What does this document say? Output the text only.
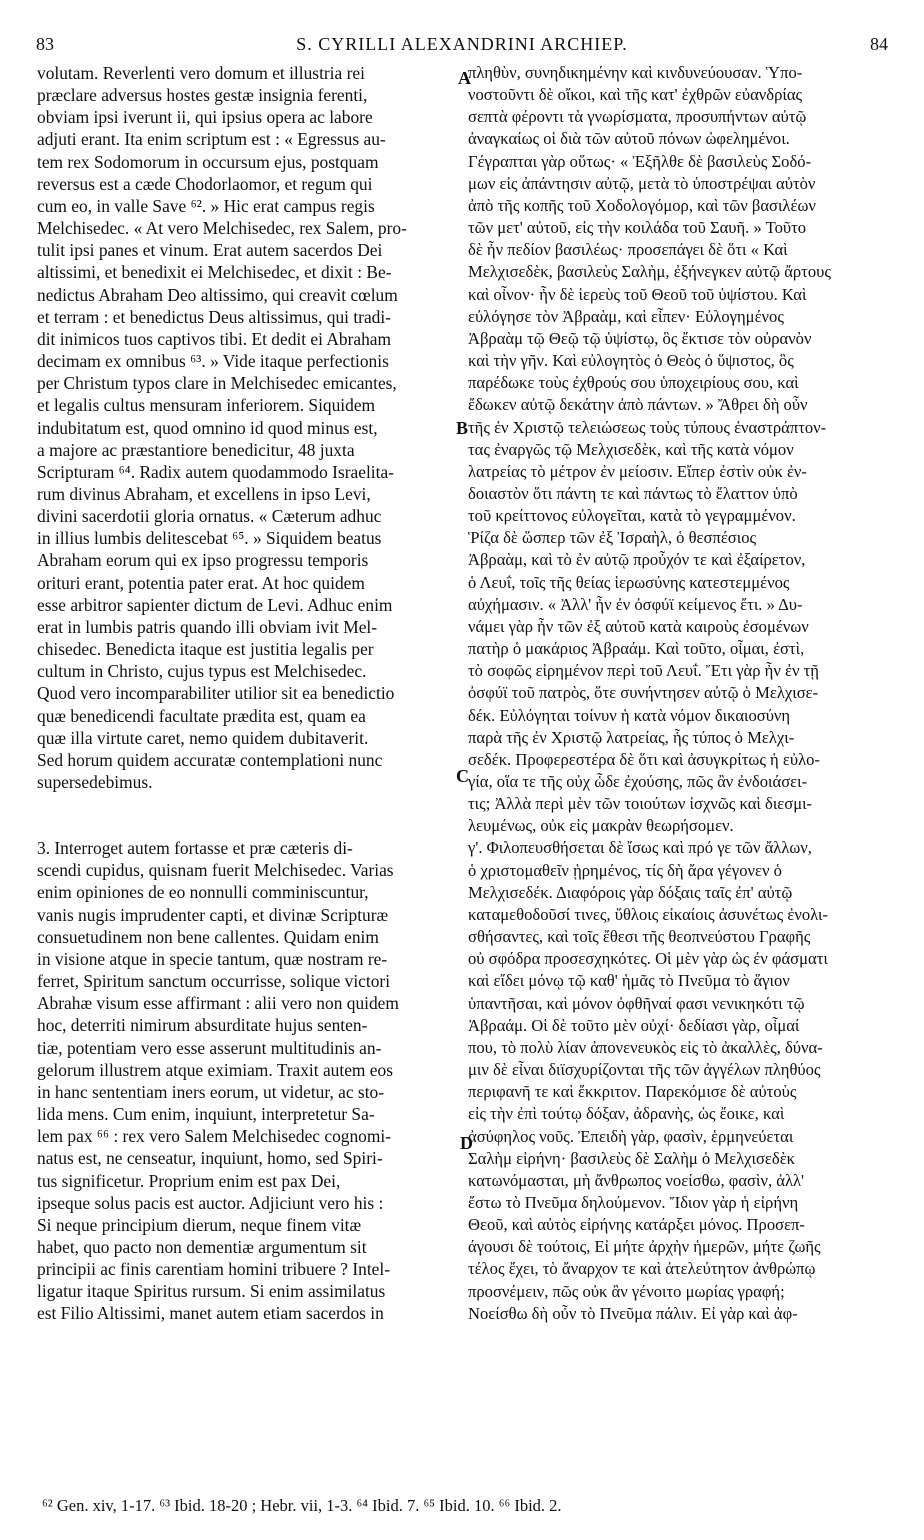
83	S. CYRILLI ALEXANDRINI ARCHIEP.	84
volutam. Reverlenti vero domum et illustria rei
præclare adversus hostes gestæ insignia ferenti,
obviam ipsi iverunt ii, qui ipsius opera ac labore
adjuti erant. Ita enim scriptum est : « Egressus au-
tem rex Sodomorum in occursum ejus, postquam
reversus est a cæde Chodorlaomor, et regum qui
cum eo, in valle Save ⁶². » Hic erat campus regis
Melchisedec. « At vero Melchisedec, rex Salem, pro-
tulit ipsi panes et vinum. Erat autem sacerdos Dei
altissimi, et benedixit ei Melchisedec, et dixit : Be-
nedictus Abraham Deo altissimo, qui creavit cœlum
et terram : et benedictus Deus altissimus, qui tradi-
dit inimicos tuos captivos tibi. Et dedit ei Abraham
decimam ex omnibus ⁶³. » Vide itaque perfectionis
per Christum typos clare in Melchisedec emicantes,
et legalis cultus mensuram inferiorem. Siquidem
indubitatum est, quod omnino id quod minus est,
a majore ac præstantiore benedicitur, 48 juxta
Scripturam ⁶⁴. Radix autem quodammodo Israelita-
rum divinus Abraham, et excellens in ipso Levi,
divini sacerdotii gloria ornatus. « Cæterum adhuc
in illius lumbis delitescebat ⁶⁵. » Siquidem beatus
Abraham eorum qui ex ipso progressu temporis
orituri erant, potentia pater erat. At hoc quidem
esse arbitror sapienter dictum de Levi. Adhuc enim
erat in lumbis patris quando illi obviam ivit Mel-
chisedec. Benedicta itaque est justitia legalis per
cultum in Christo, cujus typus est Melchisedec.
Quod vero incomparabiliter utilior sit ea benedictio
quæ benedicendi facultate prædita est, quam ea
quæ illa virtute caret, nemo quidem dubitaverit.
Sed horum quidem accuratæ contemplationi nunc
supersedebimus.
3. Interroget autem fortasse et præ cæteris di-
scendi cupidus, quisnam fuerit Melchisedec. Varias
enim opiniones de eo nonnulli comminiscuntur,
vanis nugis imprudenter capti, et divinæ Scripturæ
consuetudinem non bene callentes. Quidam enim
in visione atque in specie tantum, quæ nostram re-
ferret, Spiritum sanctum occurrisse, solique victori
Abrahæ visum esse affirmant : alii vero non quidem
hoc, deterriti nimirum absurditate hujus senten-
tiæ, potentiam vero esse asserunt multitudinis an-
gelorum illustrem atque eximiam. Traxit autem eos
in hanc sententiam iners eorum, ut videtur, ac sto-
lida mens. Cum enim, inquiunt, interpretetur Sa-
lem pax ⁶⁶ : rex vero Salem Melchisedec cognomi-
natus est, ne censeatur, inquiunt, homo, sed Spiri-
tus significetur. Proprium enim est pax Dei,
ipseque solus pacis est auctor. Adjiciunt vero his :
Si neque principium dierum, neque finem vitæ
habet, quo pacto non dementiæ argumentum sit
principii ac finis carentiam homini tribuere ? Intel-
ligatur itaque Spiritus rursum. Si enim assimilatus
est Filio Altissimi, manet autem etiam sacerdos in
πληθὺν, συνηδικημένην καὶ κινδυνεύουσαν. Ὑπο-
νοστοῦντι δὲ οἴκοι, καὶ τῆς κατ' ἐχθρῶν εὐανδρίας
σεπτὰ φέροντι τὰ γνωρίσματα, προσυπήντων αὐτῷ
ἀναγκαίως οἱ διὰ τῶν αὐτοῦ πόνων ὠφελημένοι.
Γέγραπται γὰρ οὕτως· « Ἐξῆλθε δὲ βασιλεὺς Σοδό-
μων εἰς ἀπάντησιν αὐτῷ, μετὰ τὸ ὑποστρέψαι αὐτὸν
ἀπὸ τῆς κοπῆς τοῦ Χοδολογόμορ, καὶ τῶν βασιλέων
τῶν μετ' αὐτοῦ, εἰς τὴν κοιλάδα τοῦ Σαυῆ. » Τοῦτο
δὲ ἦν πεδίον βασιλέως· προσεπάγει δὲ ὅτι « Καὶ
Μελχισεδὲκ, βασιλεὺς Σαλὴμ, ἐξήνεγκεν αὐτῷ ἄρτους
καὶ οἶνον· ἦν δὲ ἱερεὺς τοῦ Θεοῦ τοῦ ὑψίστου. Καὶ
εὐλόγησε τὸν Ἀβραὰμ, καὶ εἶπεν· Εὐλογημένος
Ἀβραὰμ τῷ Θεῷ τῷ ὑψίστῳ, ὃς ἔκτισε τὸν οὐρανὸν
καὶ τὴν γῆν. Καὶ εὐλογητὸς ὁ Θεὸς ὁ ὕψιστος, ὃς
παρέδωκε τοὺς ἐχθρούς σου ὑποχειρίους σου, καὶ
ἔδωκεν αὐτῷ δεκάτην ἀπὸ πάντων. » Ἄθρει δὴ οὖν
τῆς ἐν Χριστῷ τελειώσεως τοὺς τύπους ἐναστράπτον-
τας ἐναργῶς τῷ Μελχισεδὲκ, καὶ τῆς κατὰ νόμον
λατρείας τὸ μέτρον ἐν μείοσιν. Εἴπερ ἐστὶν οὐκ ἐν-
δοιαστὸν ὅτι πάντη τε καὶ πάντως τὸ ἔλαττον ὑπὸ
τοῦ κρείττονος εὐλογεῖται, κατὰ τὸ γεγραμμένον.
Ῥίζα δὲ ὥσπερ τῶν ἐξ Ἰσραὴλ, ὁ θεσπέσιος
Ἀβραὰμ, καὶ τὸ ἐν αὐτῷ προὖχόν τε καὶ ἐξαίρετον,
ὁ Λευΐ, τοῖς τῆς θείας ἱερωσύνης κατεστεμμένος
αὐχήμασιν. « Ἀλλ' ἦν ἐν ὀσφύϊ κείμενος ἔτι. » Δυ-
νάμει γὰρ ἦν τῶν ἐξ αὐτοῦ κατὰ καιροὺς ἐσομένων
πατὴρ ὁ μακάριος Ἀβραάμ. Καὶ τοῦτο, οἶμαι, ἐστὶ,
τὸ σοφῶς εἰρημένον περὶ τοῦ Λευΐ. Ἔτι γὰρ ἦν ἐν τῇ
ὀσφύϊ τοῦ πατρὸς, ὅτε συνήντησεν αὐτῷ ὁ Μελχισε-
δέκ. Εὐλόγηται τοίνυν ἡ κατὰ νόμον δικαιοσύνη
παρὰ τῆς ἐν Χριστῷ λατρείας, ἧς τύπος ὁ Μελχι-
σεδέκ. Προφερεστέρα δὲ ὅτι καὶ ἀσυγκρίτως ἡ εὐλο-
γία, οἵα τε τῆς οὐχ ὧδε ἐχούσης, πῶς ἂν ἐνδοιάσει-
τις; Ἀλλὰ περὶ μὲν τῶν τοιούτων ἰσχνῶς καὶ διεσμι-
λευμένως, οὐκ εἰς μακρὰν θεωρήσομεν.
γ'. Φιλοπευσθήσεται δὲ ἴσως καὶ πρό γε τῶν ἄλλων,
ὁ χριστομαθεῖν ᾑρημένος, τίς δὴ ἄρα γέγονεν ὁ
Μελχισεδέκ. Διαφόροις γὰρ δόξαις ταῖς ἐπ' αὐτῷ
καταμεθοδοῦσί τινες, ὕθλοις εἰκαίοις ἀσυνέτως ἐνολι-
σθήσαντες, καὶ τοῖς ἔθεσι τῆς θεοπνεύστου Γραφῆς
οὐ σφόδρα προσεσχηκότες. Οἱ μὲν γὰρ ὡς ἐν φάσματι
καὶ εἴδει μόνῳ τῷ καθ' ἡμᾶς τὸ Πνεῦμα τὸ ἅγιον
ὑπαντῆσαι, καὶ μόνον ὀφθῆναί φασι νενικηκότι τῷ
Ἀβραάμ. Οἱ δὲ τοῦτο μὲν οὐχί· δεδίασι γὰρ, οἶμαί
που, τὸ πολὺ λίαν ἀπονενευκὸς εἰς τὸ ἀκαλλὲς, δύνα-
μιν δὲ εἶναι διϊσχυρίζονται τῆς τῶν ἀγγέλων πληθύος
περιφανῆ τε καὶ ἔκκριτον. Παρεκόμισε δὲ αὐτοὺς
εἰς τὴν ἐπὶ τούτῳ δόξαν, ἀδρανὴς, ὡς ἔοικε, καὶ
ἀσύφηλος νοῦς. Ἐπειδὴ γὰρ, φασὶν, ἑρμηνεύεται
Σαλὴμ εἰρήνη· βασιλεὺς δὲ Σαλὴμ ὁ Μελχισεδὲκ
κατωνόμασται, μὴ ἄνθρωπος νοείσθω, φασὶν, ἀλλ'
ἔστω τὸ Πνεῦμα δηλούμενον. Ἴδιον γὰρ ἡ εἰρήνη
Θεοῦ, καὶ αὐτὸς εἰρήνης κατάρξει μόνος. Προσεπ-
άγουσι δὲ τούτοις, Εἰ μήτε ἀρχὴν ἡμερῶν, μήτε ζωῆς
τέλος ἔχει, τὸ ἄναρχον τε καὶ ἀτελεύτητον ἀνθρώπῳ
προσνέμειν, πῶς οὐκ ἂν γένοιτο μωρίας γραφή;
Νοείσθω δὴ οὖν τὸ Πνεῦμα πάλιν. Εἰ γὰρ καὶ ἀφ-
A
B
C
D
⁶² Gen. xiv, 1-17. ⁶³ Ibid. 18-20 ; Hebr. vii, 1-3. ⁶⁴ Ibid. 7. ⁶⁵ Ibid. 10. ⁶⁶ Ibid. 2.
